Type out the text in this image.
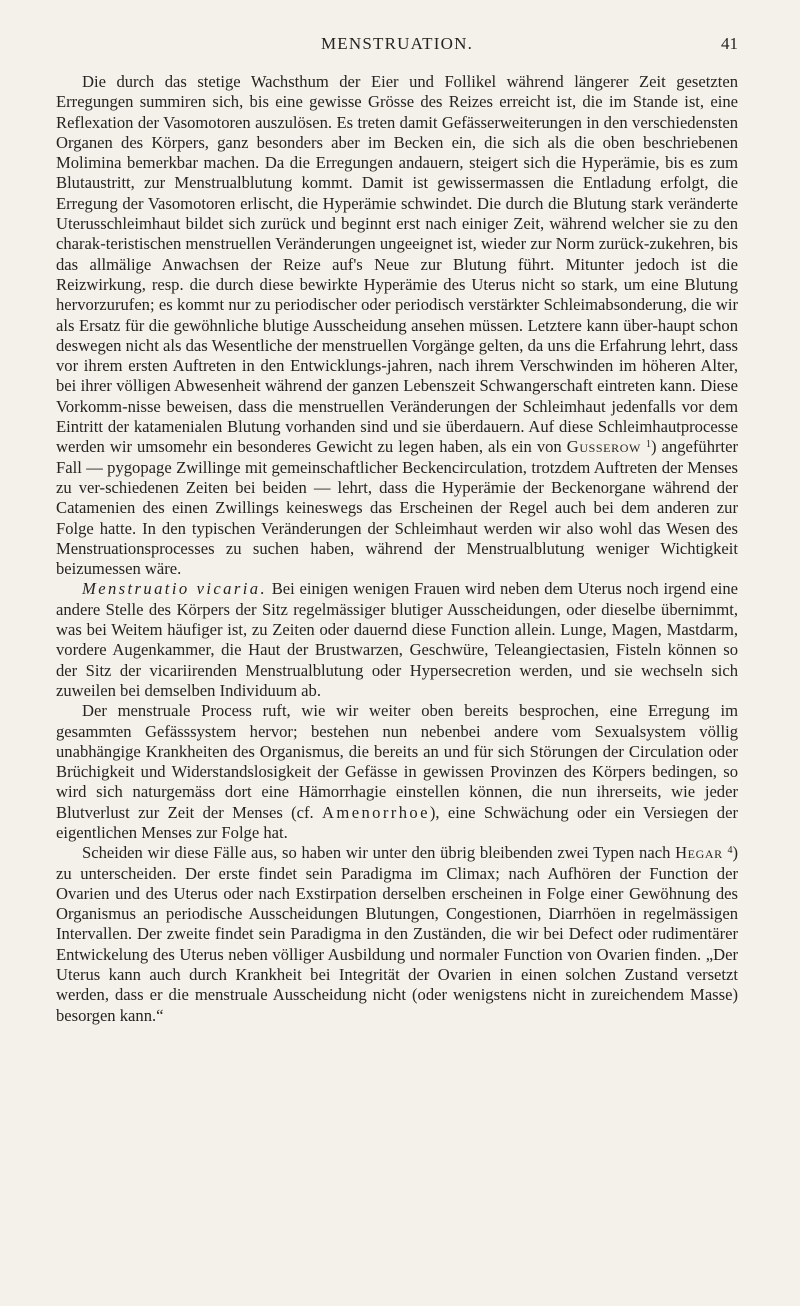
MENSTRUATION.	41

Die durch das stetige Wachsthum der Eier und Follikel während längerer Zeit gesetzten Erregungen summiren sich, bis eine gewisse Grösse des Reizes erreicht ist, die im Stande ist, eine Reflexation der Vasomotoren auszulösen. Es treten damit Gefässerweiterungen in den verschiedensten Organen des Körpers, ganz besonders aber im Becken ein, die sich als die oben beschriebenen Molimina bemerkbar machen. Da die Erregungen andauern, steigert sich die Hyperämie, bis es zum Blutaustritt, zur Menstrualblutung kommt. Damit ist gewissermassen die Entladung erfolgt, die Erregung der Vasomotoren erlischt, die Hyperämie schwindet. Die durch die Blutung stark veränderte Uterusschleimhaut bildet sich zurück und beginnt erst nach einiger Zeit, während welcher sie zu den charak-teristischen menstruellen Veränderungen ungeeignet ist, wieder zur Norm zurück-zukehren, bis das allmälige Anwachsen der Reize auf's Neue zur Blutung führt. Mitunter jedoch ist die Reizwirkung, resp. die durch diese bewirkte Hyperämie des Uterus nicht so stark, um eine Blutung hervorzurufen; es kommt nur zu periodischer oder periodisch verstärkter Schleimabsonderung, die wir als Ersatz für die gewöhnliche blutige Ausscheidung ansehen müssen. Letztere kann über-haupt schon deswegen nicht als das Wesentliche der menstruellen Vorgänge gelten, da uns die Erfahrung lehrt, dass vor ihrem ersten Auftreten in den Entwicklungs-jahren, nach ihrem Verschwinden im höheren Alter, bei ihrer völligen Abwesenheit während der ganzen Lebenszeit Schwangerschaft eintreten kann. Diese Vorkomm-nisse beweisen, dass die menstruellen Veränderungen der Schleimhaut jedenfalls vor dem Eintritt der katamenialen Blutung vorhanden sind und sie überdauern. Auf diese Schleimhautprocesse werden wir umsomehr ein besonderes Gewicht zu legen haben, als ein von Gusserow $^1$) angeführter Fall — pygopage Zwillinge mit gemeinschaftlicher Beckencirculation, trotzdem Auftreten der Menses zu ver-schiedenen Zeiten bei beiden — lehrt, dass die Hyperämie der Beckenorgane während der Catamenien des einen Zwillings keineswegs das Erscheinen der Regel auch bei dem anderen zur Folge hatte. In den typischen Veränderungen der Schleimhaut werden wir also wohl das Wesen des Menstruationsprocesses zu suchen haben, während der Menstrualblutung weniger Wichtigkeit beizumessen wäre.

Menstruatio vicaria. Bei einigen wenigen Frauen wird neben dem Uterus noch irgend eine andere Stelle des Körpers der Sitz regelmässiger blutiger Ausscheidungen, oder dieselbe übernimmt, was bei Weitem häufiger ist, zu Zeiten oder dauernd diese Function allein. Lunge, Magen, Mastdarm, vordere Augenkammer, die Haut der Brustwarzen, Geschwüre, Teleangiectasien, Fisteln können so der Sitz der vicariirenden Menstrualblutung oder Hypersecretion werden, und sie wechseln sich zuweilen bei demselben Individuum ab.

Der menstruale Process ruft, wie wir weiter oben bereits besprochen, eine Erregung im gesammten Gefässsystem hervor; bestehen nun nebenbei andere vom Sexualsystem völlig unabhängige Krankheiten des Organismus, die bereits an und für sich Störungen der Circulation oder Brüchigkeit und Widerstandslosigkeit der Gefässe in gewissen Provinzen des Körpers bedingen, so wird sich naturgemäss dort eine Hämorrhagie einstellen können, die nun ihrerseits, wie jeder Blutverlust zur Zeit der Menses (cf. Amenorrhoe), eine Schwächung oder ein Versiegen der eigentlichen Menses zur Folge hat.

Scheiden wir diese Fälle aus, so haben wir unter den übrig bleibenden zwei Typen nach Hegar $^4$) zu unterscheiden. Der erste findet sein Paradigma im Climax; nach Aufhören der Function der Ovarien und des Uterus oder nach Exstirpation derselben erscheinen in Folge einer Gewöhnung des Organismus an periodische Ausscheidungen Blutungen, Congestionen, Diarrhöen in regelmässigen Intervallen. Der zweite findet sein Paradigma in den Zuständen, die wir bei Defect oder rudimentärer Entwickelung des Uterus neben völliger Ausbildung und normaler Function von Ovarien finden. „Der Uterus kann auch durch Krankheit bei Integrität der Ovarien in einen solchen Zustand versetzt werden, dass er die menstruale Ausscheidung nicht (oder wenigstens nicht in zureichendem Masse) besorgen kann.“
